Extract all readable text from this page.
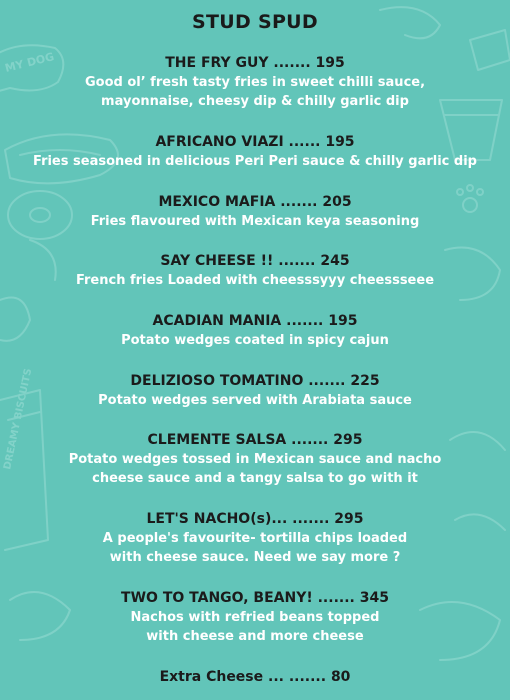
MY DOG
DREAMY BISCUITS
STUD SPUD
THE FRY GUY ....... 195
Good ol’ fresh tasty fries in sweet chilli sauce,
mayonnaise, cheesy dip & chilly garlic dip
AFRICANO VIAZI ...... 195
Fries seasoned in delicious Peri Peri sauce & chilly garlic dip
MEXICO MAFIA ....... 205
Fries flavoured with Mexican keya seasoning
SAY CHEESE !! ....... 245
French fries Loaded with cheesssyyy cheessseee
ACADIAN MANIA ....... 195
Potato wedges coated in spicy cajun
DELIZIOSO TOMATINO ....... 225
Potato wedges served with Arabiata sauce
CLEMENTE SALSA ....... 295
Potato wedges tossed in Mexican sauce and nacho
cheese sauce and a tangy salsa to go with it
LET'S NACHO(s)... ....... 295
A people's favourite- tortilla chips loaded
with cheese sauce. Need we say more ?
TWO TO TANGO, BEANY! ....... 345
Nachos with refried beans topped
with cheese and more cheese
Extra Cheese ... ....... 80
